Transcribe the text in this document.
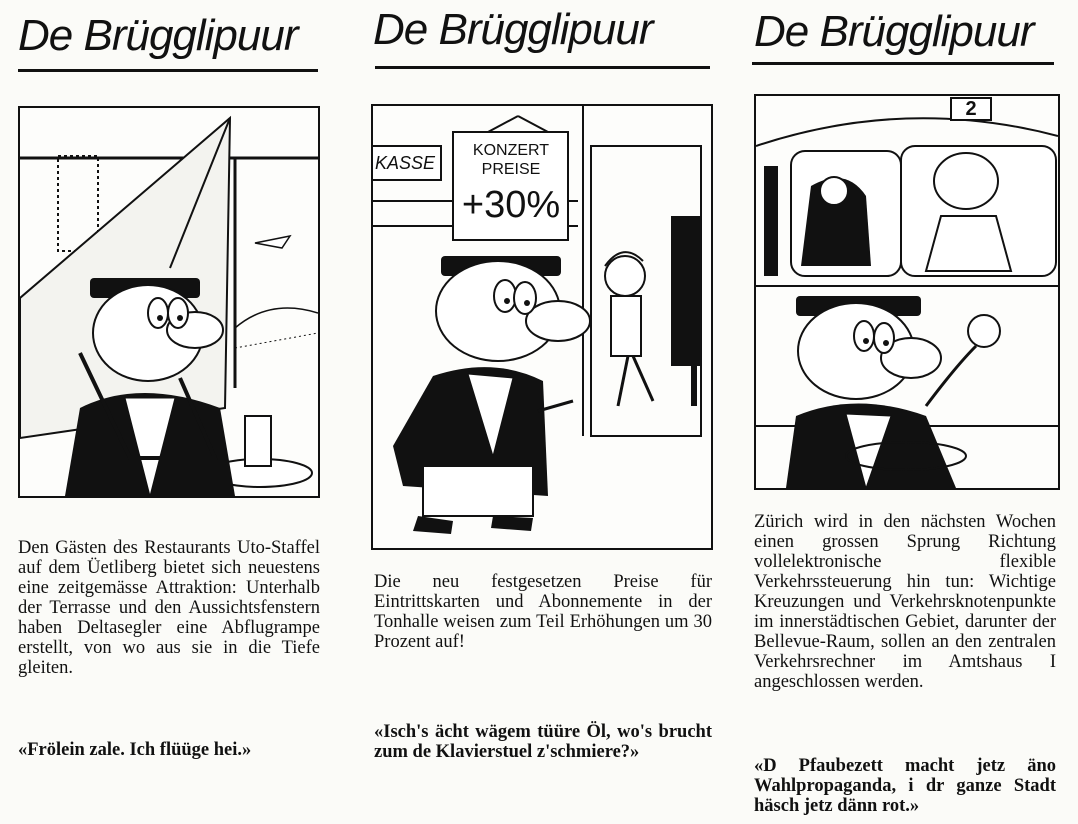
De Brügglipuur
Den Gästen des Restaurants Uto-Staffel auf dem Üetliberg bietet sich neuestens eine zeitgemässe Attraktion: Unterhalb der Terrasse und den Aussichtsfenstern haben Deltasegler eine Abflugrampe erstellt, von wo aus sie in die Tiefe gleiten.
«Frölein zale. Ich flüüge hei.»
De Brügglipuur
KASSE
KONZERT
PREISE
+30%
Die neu festgesetzen Preise für Eintrittskarten und Abonnemente in der Tonhalle weisen zum Teil Erhöhungen um 30 Prozent auf!
«Isch's ächt wägem tüüre Öl, wo's brucht zum de Klavierstuel z'schmiere?»
De Brügglipuur
2
Zürich wird in den nächsten Wochen einen grossen Sprung Richtung vollelektronische flexible Verkehrssteuerung hin tun: Wichtige Kreuzungen und Verkehrsknotenpunkte im innerstädtischen Gebiet, darunter der Bellevue-Raum, sollen an den zentralen Verkehrsrechner im Amtshaus I angeschlossen werden.
«D Pfaubezett macht jetz äno Wahlpropaganda, i dr ganze Stadt häsch jetz dänn rot.»
